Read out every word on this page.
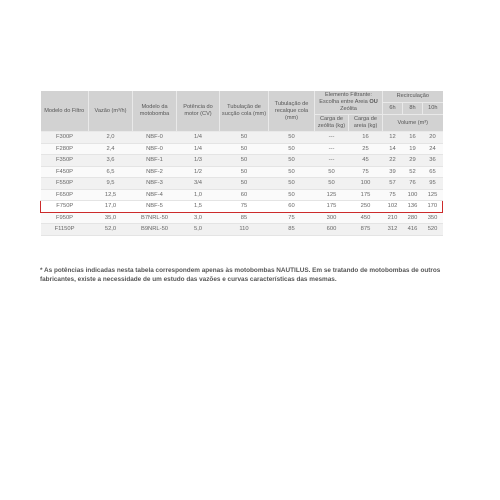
Modelo do Filtro	Vazão (m³/h)	Modelo da motobomba	Potência do motor (CV)	Tubulação de sucção cola (mm)	Tubulação de recalque cola (mm)	Elemento Filtrante: Escolha entre Areia OU Zeólita		Recirculação		
								6h	8h	10h
						Carga de zeólita (kg)	Carga de areia (kg)	Volume (m³)		
F300P	2,0	NBF-0	1/4	50	50	---	16	12	16	20
F280P	2,4	NBF-0	1/4	50	50	---	25	14	19	24
F350P	3,6	NBF-1	1/3	50	50	---	45	22	29	36
F450P	6,5	NBF-2	1/2	50	50	50	75	39	52	65
F550P	9,5	NBF-3	3/4	50	50	50	100	57	76	95
F650P	12,5	NBF-4	1,0	60	50	125	175	75	100	125
F750P	17,0	NBF-5	1,5	75	60	175	250	102	136	170
F950P	35,0	B7NRL-50	3,0	85	75	300	450	210	280	350
F1150P	52,0	B9NRL-50	5,0	110	85	600	875	312	416	520

* As potências indicadas nesta tabela correspondem apenas às motobombas NAUTILUS. Em se tratando de motobombas de outros fabricantes, existe a necessidade de um estudo das vazões e curvas características das mesmas.
